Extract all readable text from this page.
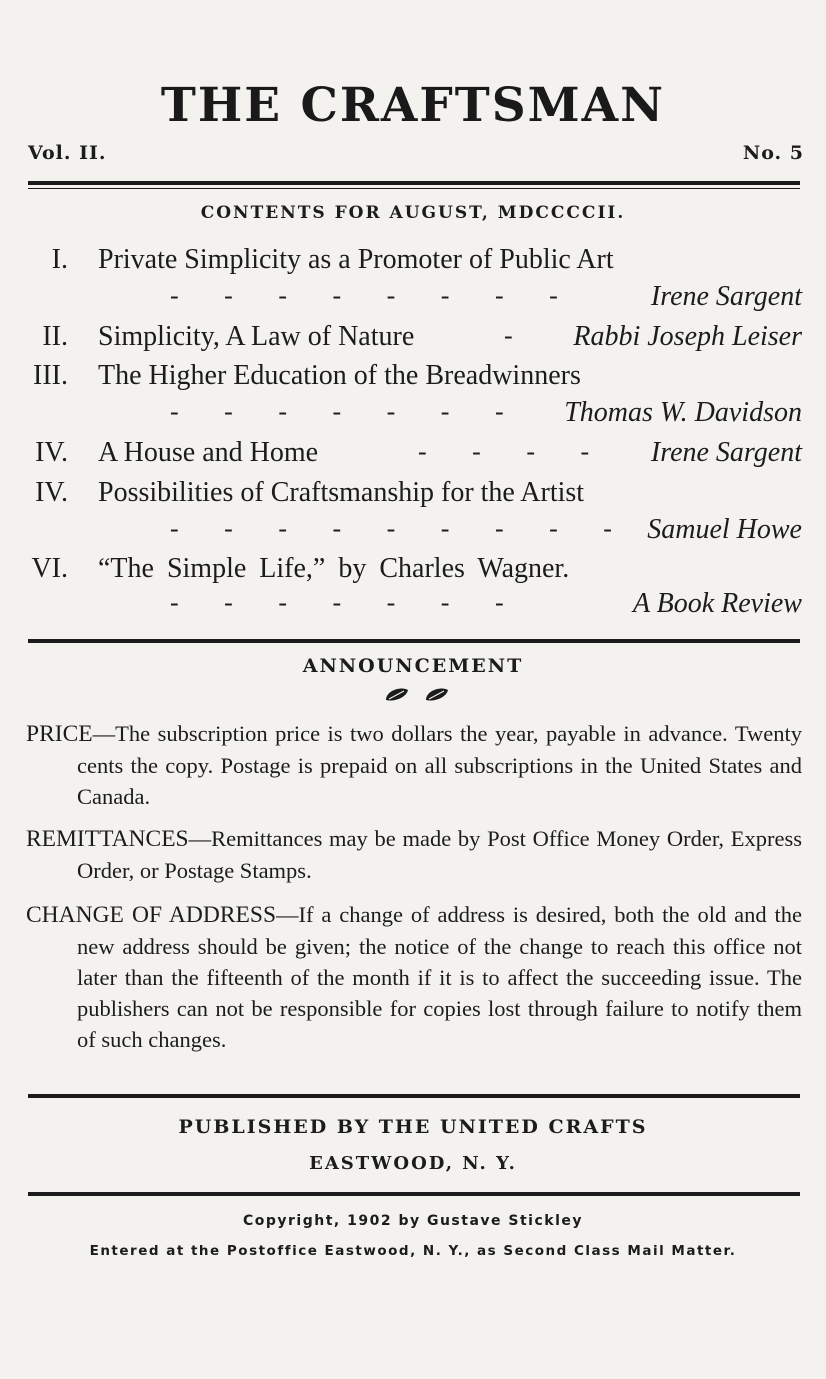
THE CRAFTSMAN
Vol. II.	No. 5
CONTENTS FOR AUGUST, MDCCCCII.
I. Private Simplicity as a Promoter of Public Art
-       -       -       -       -       -       -       -	Irene Sargent
II. Simplicity, A Law of Nature	- Rabbi Joseph Leiser
III. The Higher Education of the Breadwinners
-       -       -       -       -       -       - Thomas W. Davidson
IV. A House and Home	-       -       -       - Irene Sargent
IV. Possibilities of Craftsmanship for the Artist
-       -       -       -       -       -       -       -       - Samuel Howe
VI. “The Simple Life,” by Charles Wagner.
-       -       -       -       -       -       -	A Book Review
ANNOUNCEMENT

PRICE—The subscription price is two dollars the year, payable in advance. Twenty cents the copy. Postage is prepaid on all subscriptions in the United States and Canada.

REMITTANCES—Remittances may be made by Post Office Money Order, Express Order, or Postage Stamps.

CHANGE OF ADDRESS—If a change of address is desired, both the old and the new address should be given; the notice of the change to reach this office not later than the fifteenth of the month if it is to affect the succeeding issue. The publishers can not be responsible for copies lost through failure to notify them of such changes.

PUBLISHED BY THE UNITED CRAFTS
EASTWOOD, N. Y.
Copyright, 1902 by Gustave Stickley
Entered at the Postoffice Eastwood, N. Y., as Second Class Mail Matter.
